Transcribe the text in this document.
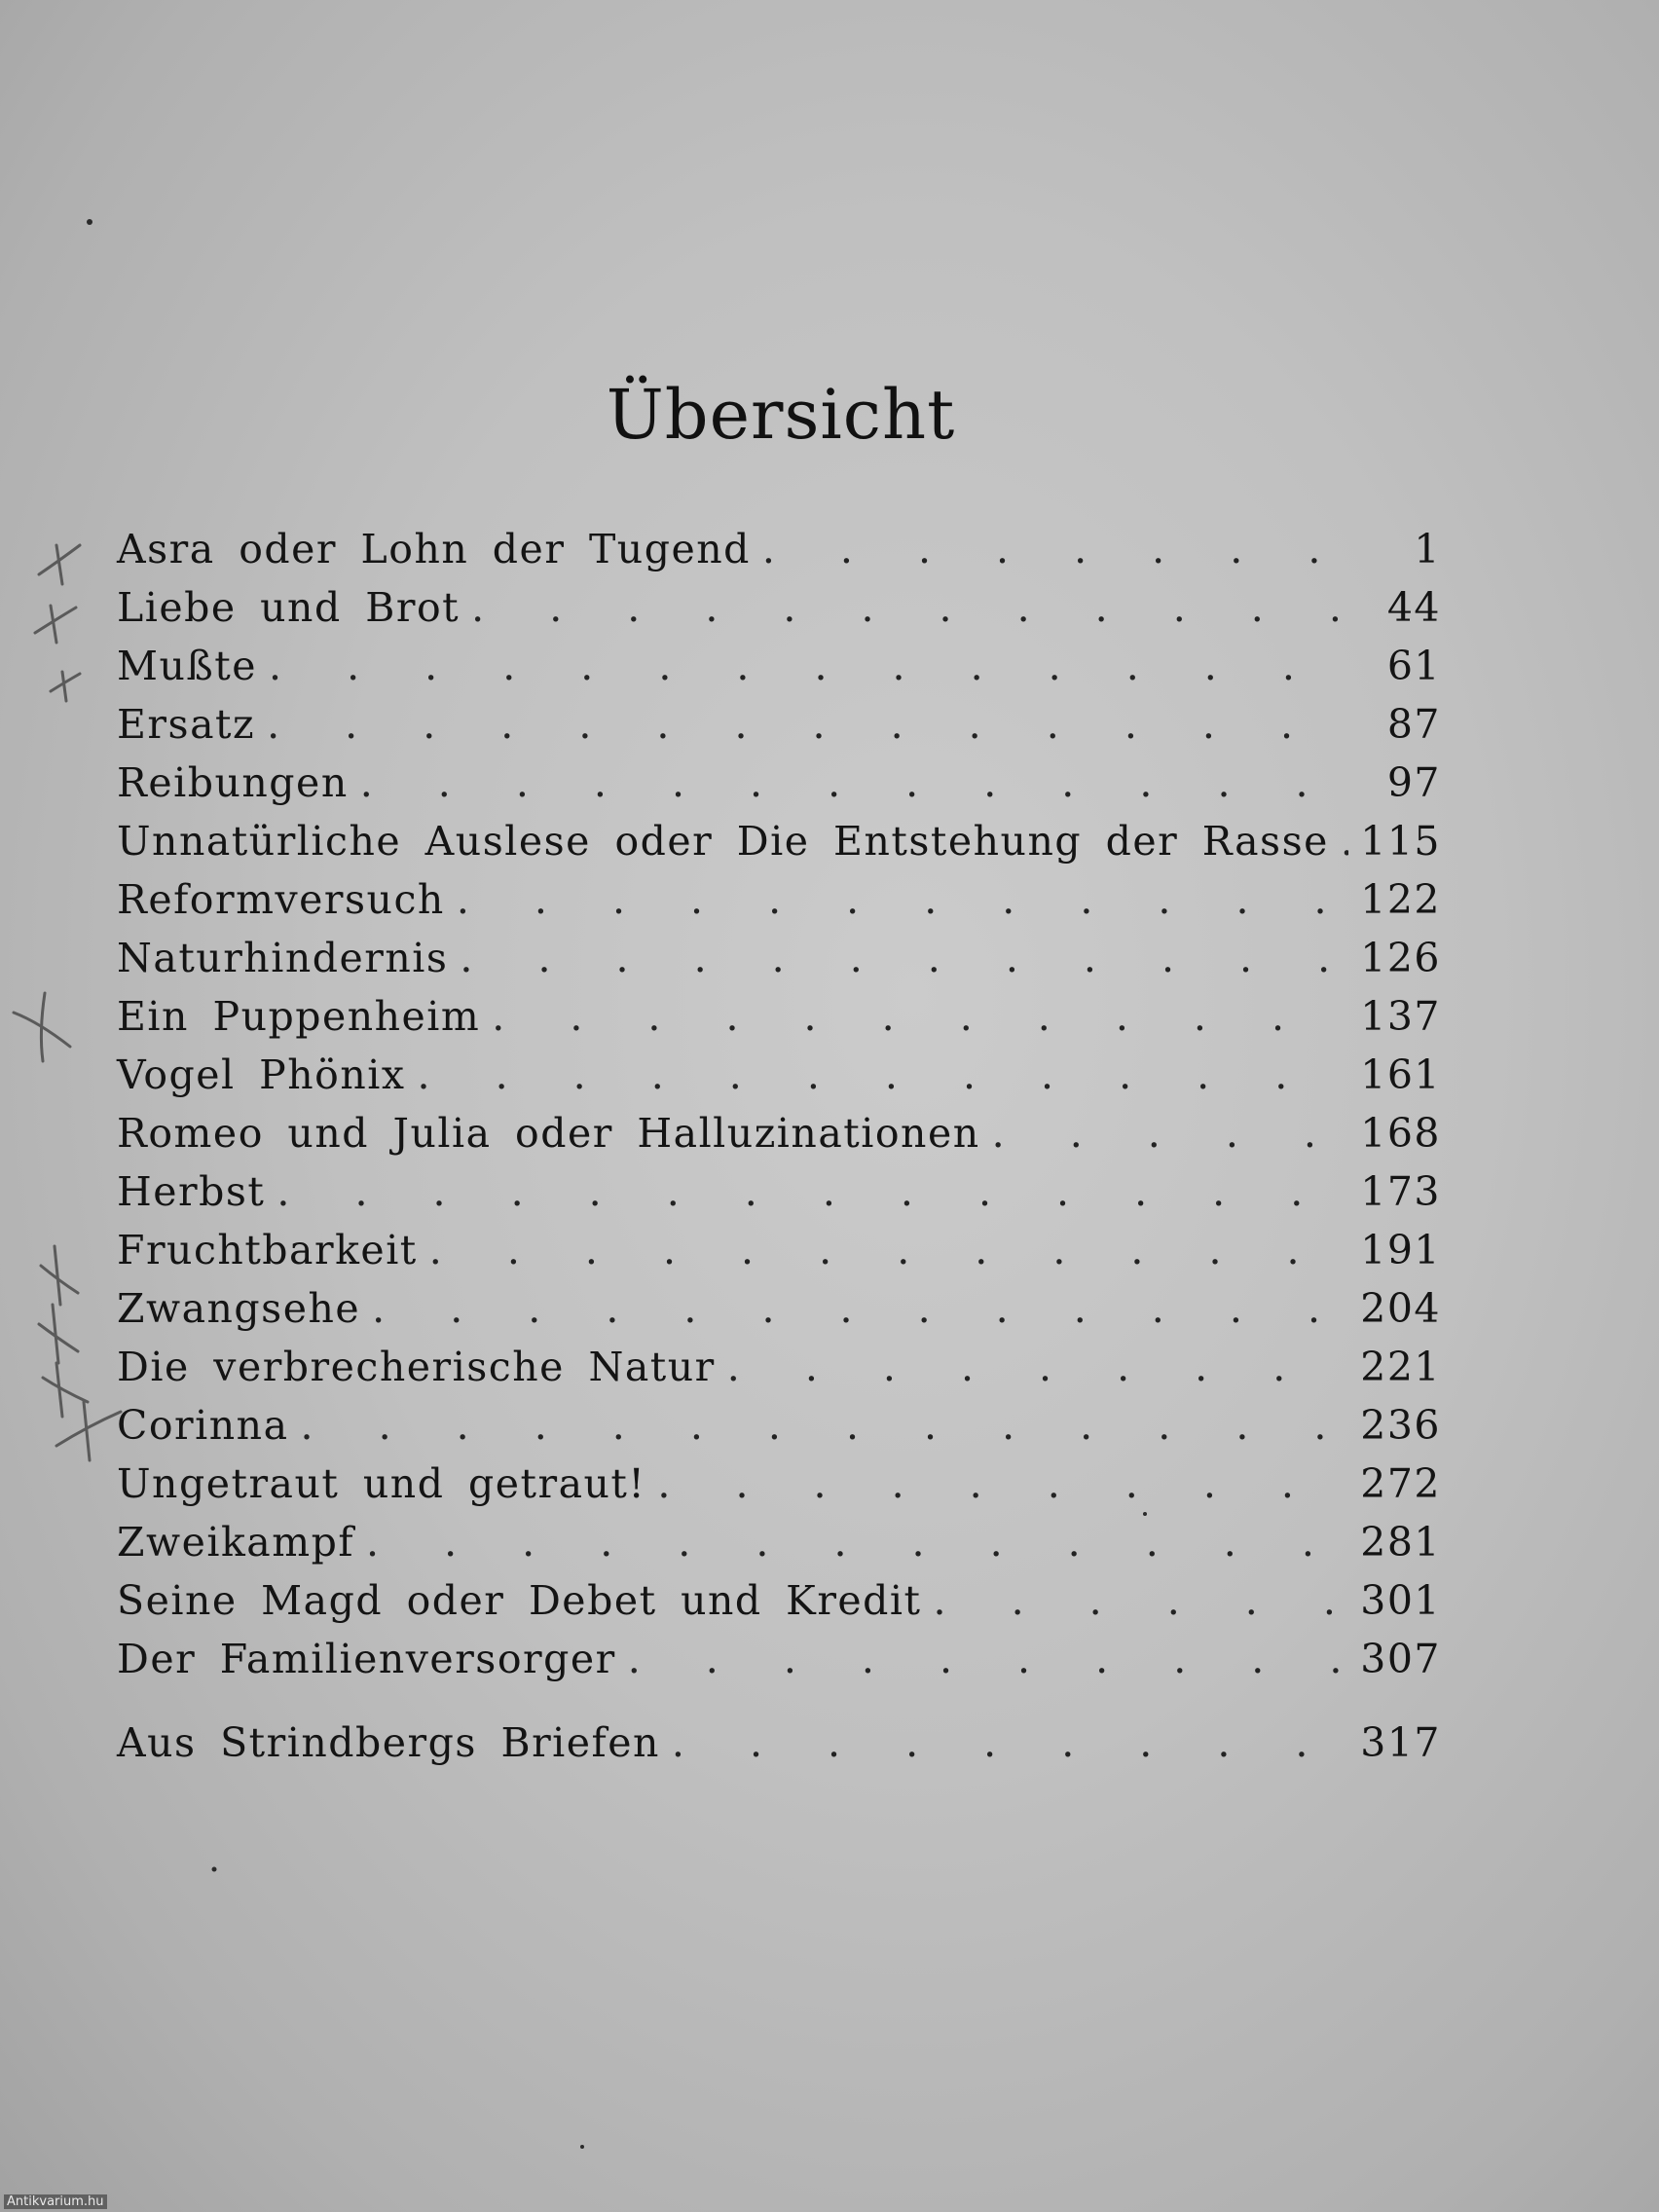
Übersicht
Asra oder Lohn der Tugend . . .	1
Liebe und Brot . . .	44
Mußte . . .	61
Ersatz . . .	87
Reibungen . . .	97
Unnatürliche Auslese oder Die Entstehung der Rasse . . . 115
Reformversuch . . .	122
Naturhindernis . . .	126
Ein Puppenheim . . .	137
Vogel Phönix . . .	161
Romeo und Julia oder Halluzinationen . . .	168
Herbst . . .	173
Fruchtbarkeit . . .	191
Zwangsehe . . .	204
Die verbrecherische Natur . . .	221
Corinna . . .	236
Ungetraut und getraut! . . .	272
Zweikampf . . .	281
Seine Magd oder Debet und Kredit . . .	301
Der Familienversorger . . .	307
Aus Strindbergs Briefen . . .	317
Antikvarium.hu
